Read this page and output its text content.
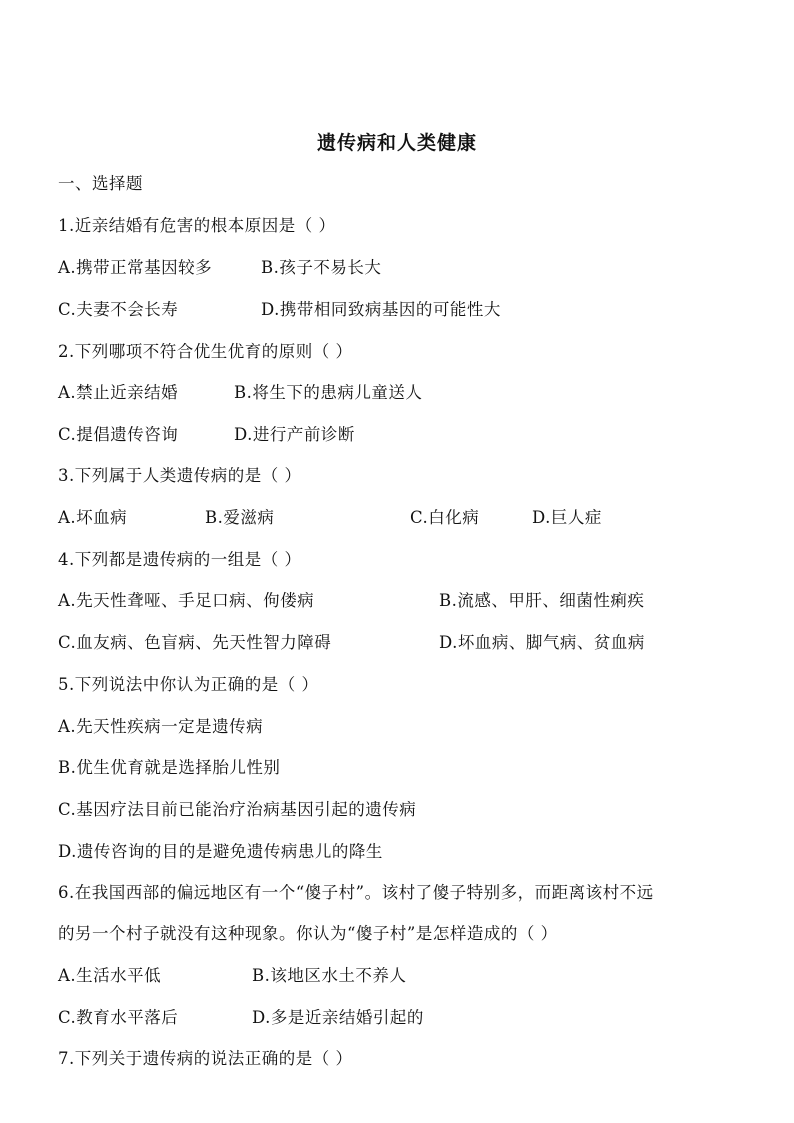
遗传病和人类健康
一、选择题
1.近亲结婚有危害的根本原因是（ ）
A.携带正常基因较多	B.孩子不易长大
C.夫妻不会长寿	D.携带相同致病基因的可能性大
2.下列哪项不符合优生优育的原则（ ）
A.禁止近亲结婚	B.将生下的患病儿童送人
C.提倡遗传咨询	D.进行产前诊断
3.下列属于人类遗传病的是（ ）
A.坏血病	B.爱滋病	C.白化病	D.巨人症
4.下列都是遗传病的一组是（ ）
A.先天性聋哑、手足口病、佝偻病	B.流感、甲肝、细菌性痢疾
C.血友病、色盲病、先天性智力障碍	D.坏血病、脚气病、贫血病
5.下列说法中你认为正确的是（ ）
A.先天性疾病一定是遗传病
B.优生优育就是选择胎儿性别
C.基因疗法目前已能治疗治病基因引起的遗传病
D.遗传咨询的目的是避免遗传病患儿的降生
6.在我国西部的偏远地区有一个“傻子村”。该村了傻子特别多，而距离该村不远
的另一个村子就没有这种现象。你认为“傻子村”是怎样造成的（ ）
A.生活水平低	B.该地区水土不养人
C.教育水平落后	D.多是近亲结婚引起的
7.下列关于遗传病的说法正确的是（ ）
